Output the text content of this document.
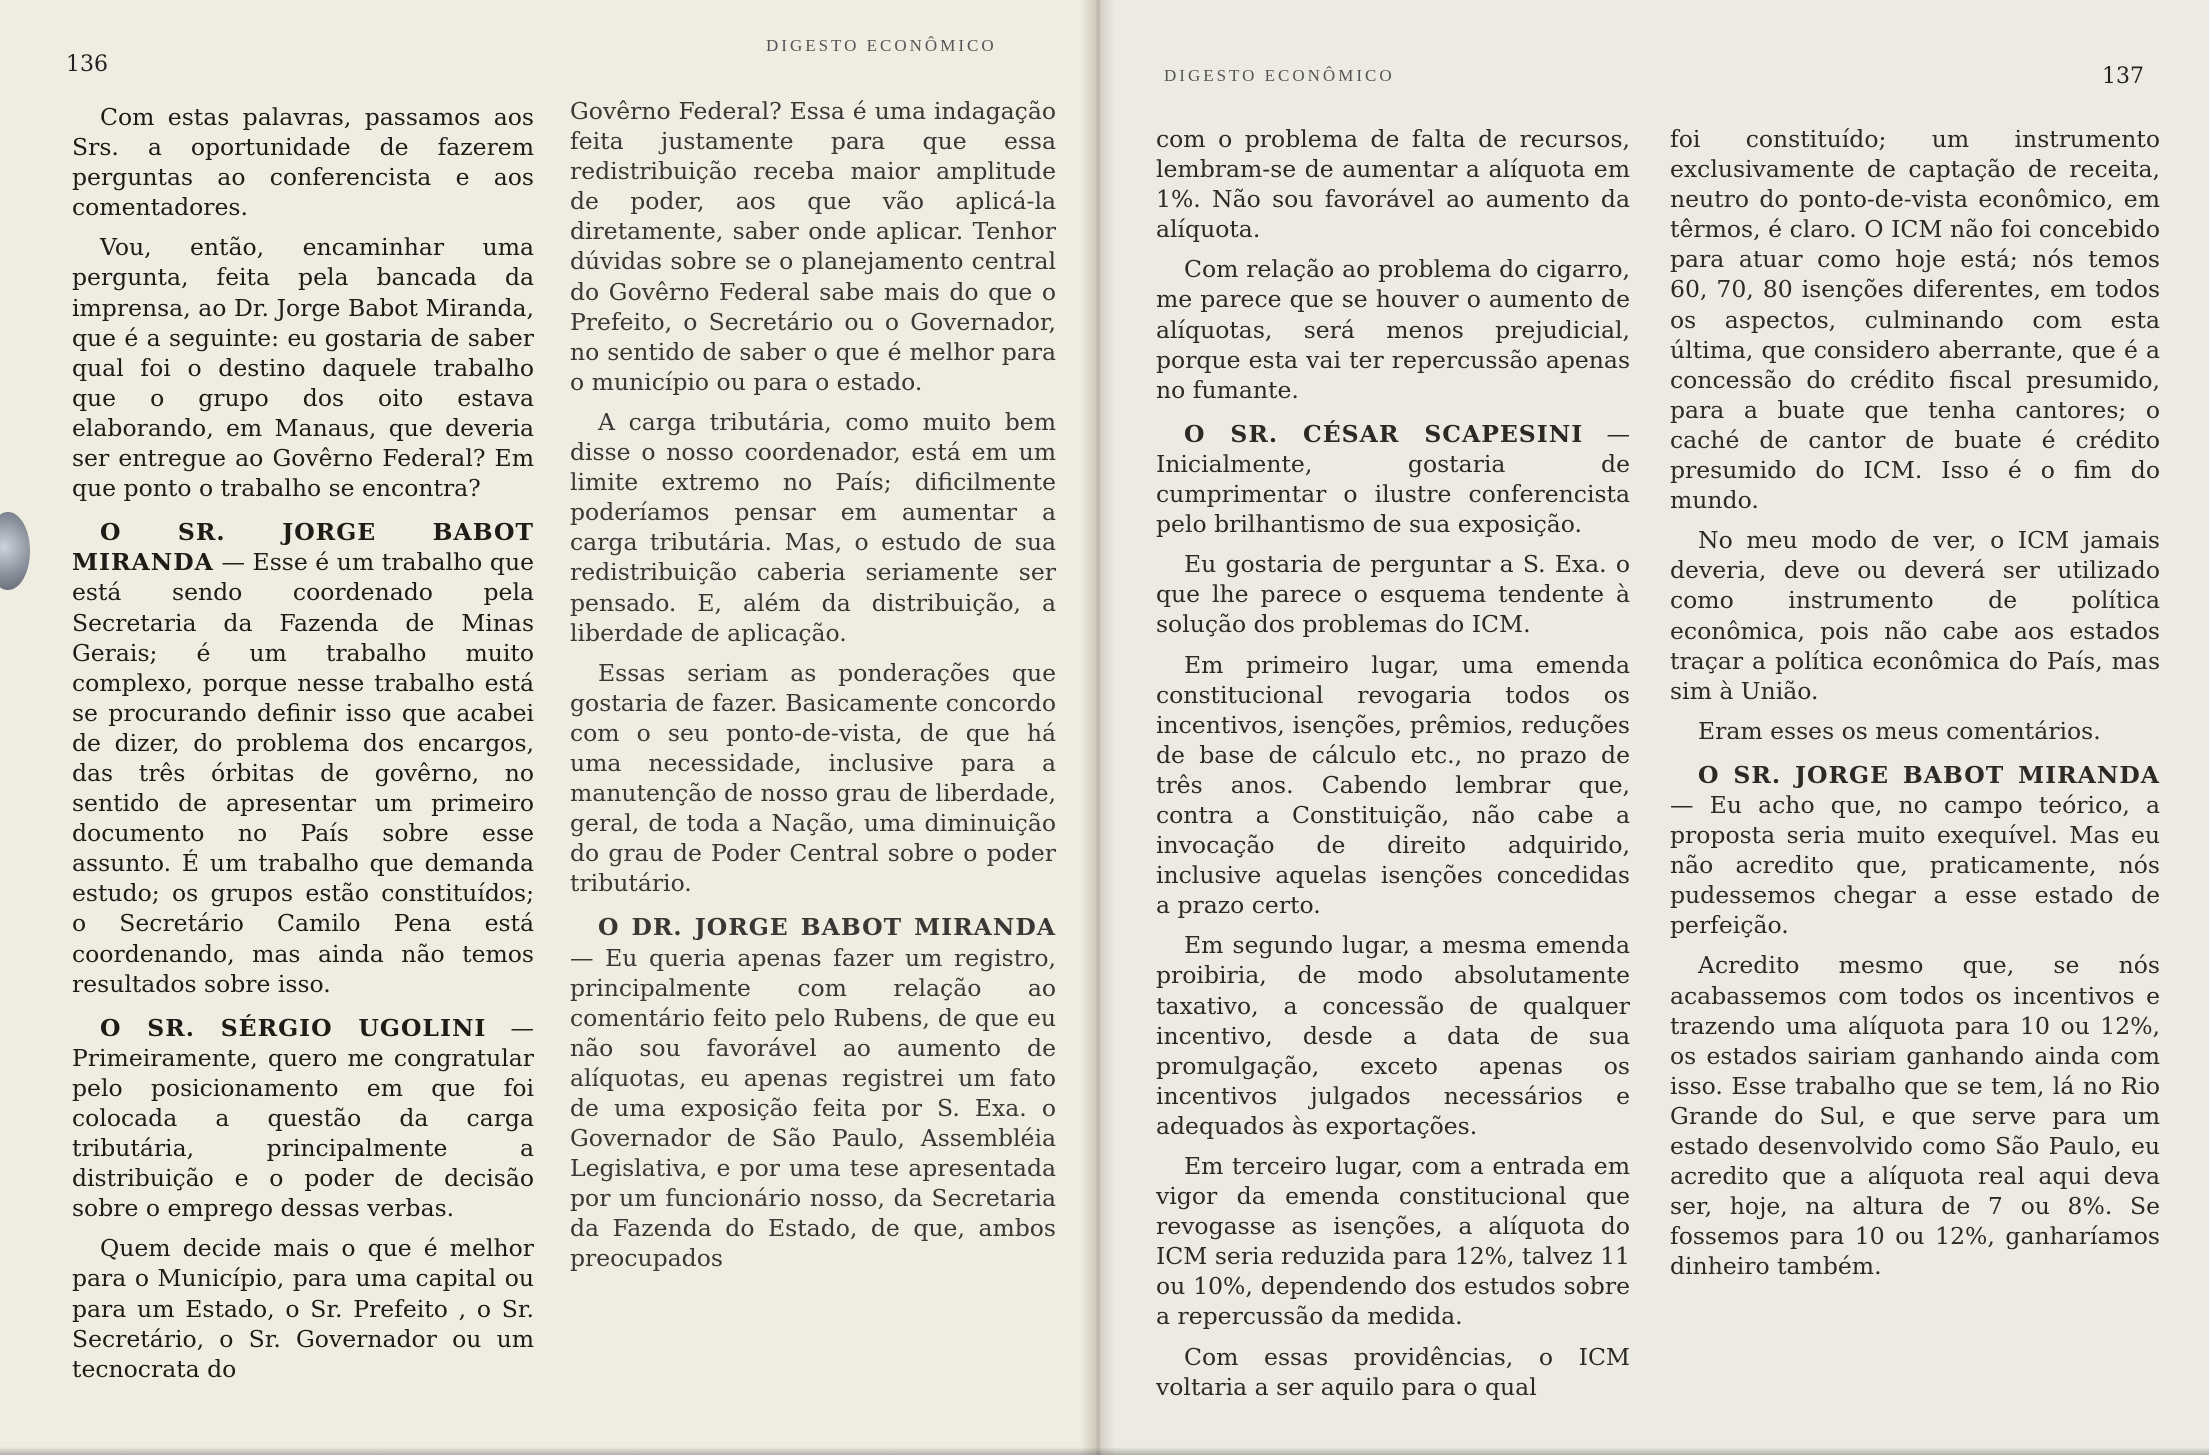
136
DIGESTO ECONÔMICO

Com estas palavras, passamos aos Srs. a oportunidade de fazerem perguntas ao conferencista e aos comentadores.

Vou, então, encaminhar uma pergunta, feita pela bancada da imprensa, ao Dr. Jorge Babot Miranda, que é a seguinte: eu gostaria de saber qual foi o destino daquele trabalho que o grupo dos oito estava elaborando, em Manaus, que deveria ser entregue ao Govêrno Federal? Em que ponto o trabalho se encontra?

O SR. JORGE BABOT MIRANDA — Esse é um trabalho que está sendo coordenado pela Secretaria da Fazenda de Minas Gerais; é um trabalho muito complexo, porque nesse trabalho está se procurando definir isso que acabei de dizer, do problema dos encargos, das três órbitas de govêrno, no sentido de apresentar um primeiro documento no País sobre esse assunto. É um trabalho que demanda estudo; os grupos estão constituídos; o Secretário Camilo Pena está coordenando, mas ainda não temos resultados sobre isso.

O SR. SÉRGIO UGOLINI — Primeiramente, quero me congratular pelo posicionamento em que foi colocada a questão da carga tributária, principalmente a distribuição e o poder de decisão sobre o emprego dessas verbas.

Quem decide mais o que é melhor para o Município, para uma capital ou para um Estado, o Sr. Prefeito , o Sr. Secretário, o Sr. Governador ou um tecnocrata do

Govêrno Federal? Essa é uma indagação feita justamente para que essa redistribuição receba maior amplitude de poder, aos que vão aplicá-la diretamente, saber onde aplicar. Tenhor dúvidas sobre se o planejamento central do Govêrno Federal sabe mais do que o Prefeito, o Secretário ou o Governador, no sentido de saber o que é melhor para o município ou para o estado.

A carga tributária, como muito bem disse o nosso coordenador, está em um limite extremo no País; dificilmente poderíamos pensar em aumentar a carga tributária. Mas, o estudo de sua redistribuição caberia seriamente ser pensado. E, além da distribuição, a liberdade de aplicação.

Essas seriam as ponderações que gostaria de fazer. Basicamente concordo com o seu ponto-de-vista, de que há uma necessidade, inclusive para a manutenção de nosso grau de liberdade, geral, de toda a Nação, uma diminuição do grau de Poder Central sobre o poder tributário.

O DR. JORGE BABOT MIRANDA — Eu queria apenas fazer um registro, principalmente com relação ao comentário feito pelo Rubens, de que eu não sou favorável ao aumento de alíquotas, eu apenas registrei um fato de uma exposição feita por S. Exa. o Governador de São Paulo, Assembléia Legislativa, e por uma tese apresentada por um funcionário nosso, da Secretaria da Fazenda do Estado, de que, ambos preocupados

DIGESTO ECONÔMICO	137

com o problema de falta de recursos, lembram-se de aumentar a alíquota em 1%. Não sou favorável ao aumento da alíquota.

Com relação ao problema do cigarro, me parece que se houver o aumento de alíquotas, será menos prejudicial, porque esta vai ter repercussão apenas no fumante.

O SR. CÉSAR SCAPESINI — Inicialmente, gostaria de cumprimentar o ilustre conferencista pelo brilhantismo de sua exposição.

Eu gostaria de perguntar a S. Exa. o que lhe parece o esquema tendente à solução dos problemas do ICM.

Em primeiro lugar, uma emenda constitucional revogaria todos os incentivos, isenções, prêmios, reduções de base de cálculo etc., no prazo de três anos. Cabendo lembrar que, contra a Constituição, não cabe a invocação de direito adquirido, inclusive aquelas isenções concedidas a prazo certo.

Em segundo lugar, a mesma emenda proibiria, de modo absolutamente taxativo, a concessão de qualquer incentivo, desde a data de sua promulgação, exceto apenas os incentivos julgados necessários e adequados às exportações.

Em terceiro lugar, com a entrada em vigor da emenda constitucional que revogasse as isenções, a alíquota do ICM seria reduzida para 12%, talvez 11 ou 10%, dependendo dos estudos sobre a repercussão da medida.

Com essas providências, o ICM voltaria a ser aquilo para o qual

foi constituído; um instrumento exclusivamente de captação de receita, neutro do ponto-de-vista econômico, em têrmos, é claro. O ICM não foi concebido para atuar como hoje está; nós temos 60, 70, 80 isenções diferentes, em todos os aspectos, culminando com esta última, que considero aberrante, que é a concessão do crédito fiscal presumido, para a buate que tenha cantores; o caché de cantor de buate é crédito presumido do ICM. Isso é o fim do mundo.

No meu modo de ver, o ICM jamais deveria, deve ou deverá ser utilizado como instrumento de política econômica, pois não cabe aos estados traçar a política econômica do País, mas sim à União.

Eram esses os meus comentários.

O SR. JORGE BABOT MIRANDA — Eu acho que, no campo teórico, a proposta seria muito exequível. Mas eu não acredito que, praticamente, nós pudessemos chegar a esse estado de perfeição.

Acredito mesmo que, se nós acabassemos com todos os incentivos e trazendo uma alíquota para 10 ou 12%, os estados sairiam ganhando ainda com isso. Esse trabalho que se tem, lá no Rio Grande do Sul, e que serve para um estado desenvolvido como São Paulo, eu acredito que a alíquota real aqui deva ser, hoje, na altura de 7 ou 8%. Se fossemos para 10 ou 12%, ganharíamos dinheiro também.
